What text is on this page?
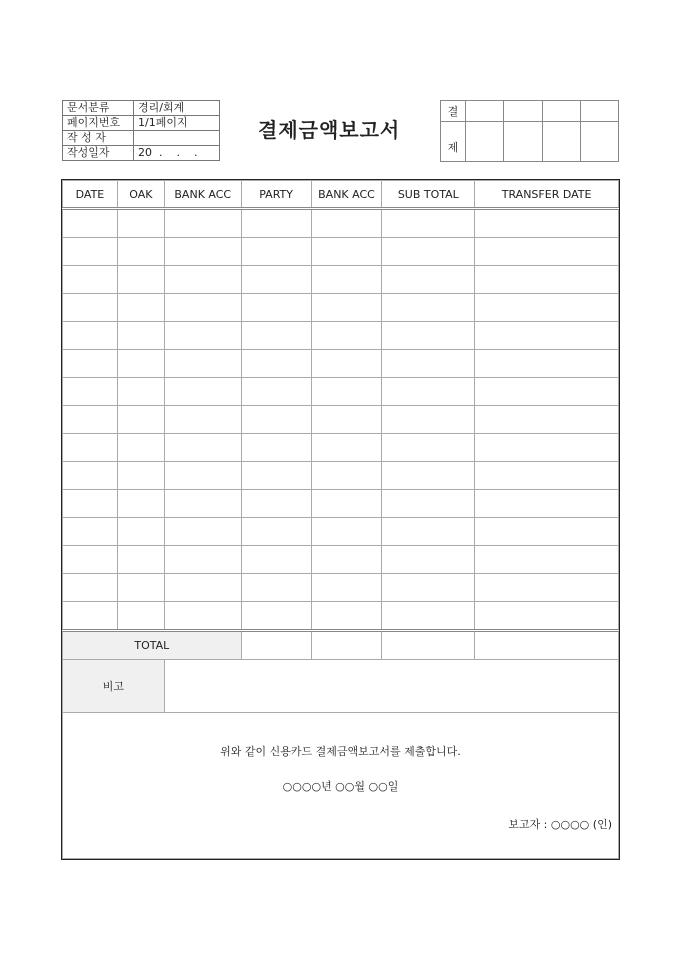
문서분류	경리/회계
페이지번호	1/1페이지
작 성 자	
작성일자	20  .    .    .
결제금액보고서
결				
제				
DATE	OAK	BANK ACC	PARTY	BANK ACC	SUB TOTAL	TRANSFER DATE

TOTAL						
비고						

위와 같이 신용카드 결제금액보고서를 제출합니다.
○○○○년 ○○월 ○○일
보고자 : ○○○○ (인)						
